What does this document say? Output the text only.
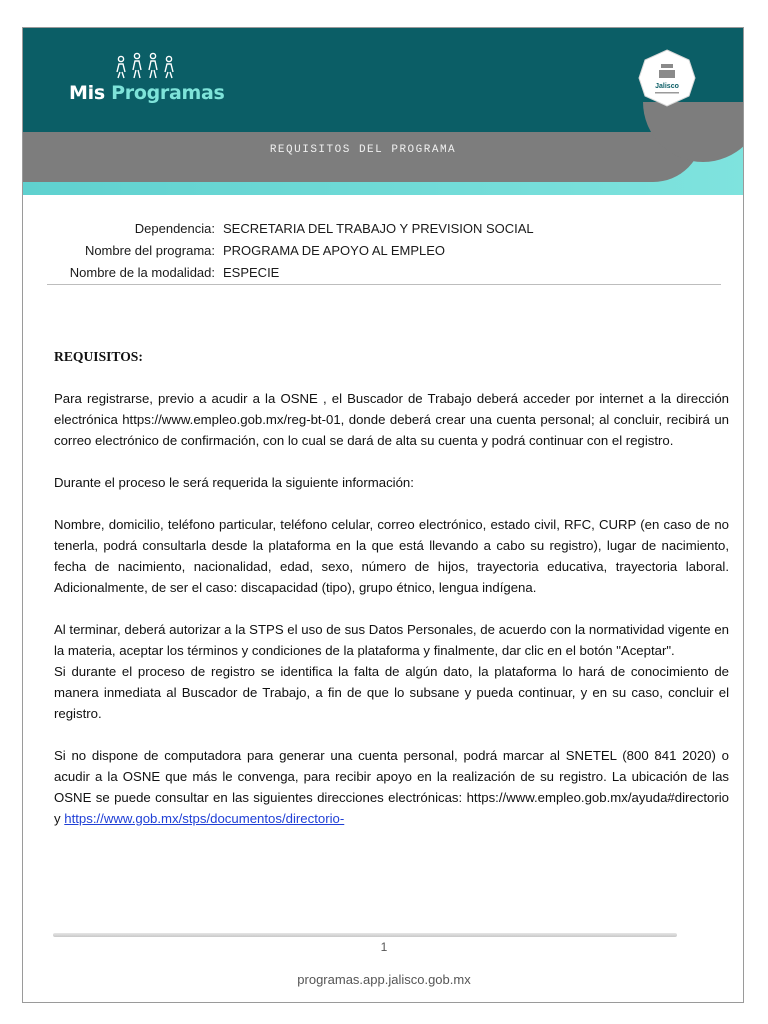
REQUISITOS DEL PROGRAMA
Mis Programas	Jalisco
Dependencia: SECRETARIA DEL TRABAJO Y PREVISION SOCIAL
Nombre del programa: PROGRAMA DE APOYO AL EMPLEO
Nombre de la modalidad: ESPECIE

REQUISITOS:

Para registrarse, previo a acudir a la OSNE , el Buscador de Trabajo deberá acceder por internet a la dirección electrónica https://www.empleo.gob.mx/reg-bt-01, donde deberá crear una cuenta personal; al concluir, recibirá un correo electrónico de confirmación, con lo cual se dará de alta su cuenta y podrá continuar con el registro.

Durante el proceso le será requerida la siguiente información:

Nombre, domicilio, teléfono particular, teléfono celular, correo electrónico, estado civil, RFC, CURP (en caso de no tenerla, podrá consultarla desde la plataforma en la que está llevando a cabo su registro), lugar de nacimiento, fecha de nacimiento, nacionalidad, edad, sexo, número de hijos, trayectoria educativa, trayectoria laboral. Adicionalmente, de ser el caso: discapacidad (tipo), grupo étnico, lengua indígena.

Al terminar, deberá autorizar a la STPS el uso de sus Datos Personales, de acuerdo con la normatividad vigente en la materia, aceptar los términos y condiciones de la plataforma y finalmente, dar clic en el botón "Aceptar".

Si durante el proceso de registro se identifica la falta de algún dato, la plataforma lo hará de conocimiento de manera inmediata al Buscador de Trabajo, a fin de que lo subsane y pueda continuar, y en su caso, concluir el registro.

Si no dispone de computadora para generar una cuenta personal, podrá marcar al SNETEL (800 841 2020) o acudir a la OSNE que más le convenga, para recibir apoyo en la realización de su registro. La ubicación de las OSNE se puede consultar en las siguientes direcciones electrónicas: https://www.empleo.gob.mx/ayuda#directorio y https://www.gob.mx/stps/documentos/directorio-

1
programas.app.jalisco.gob.mx
